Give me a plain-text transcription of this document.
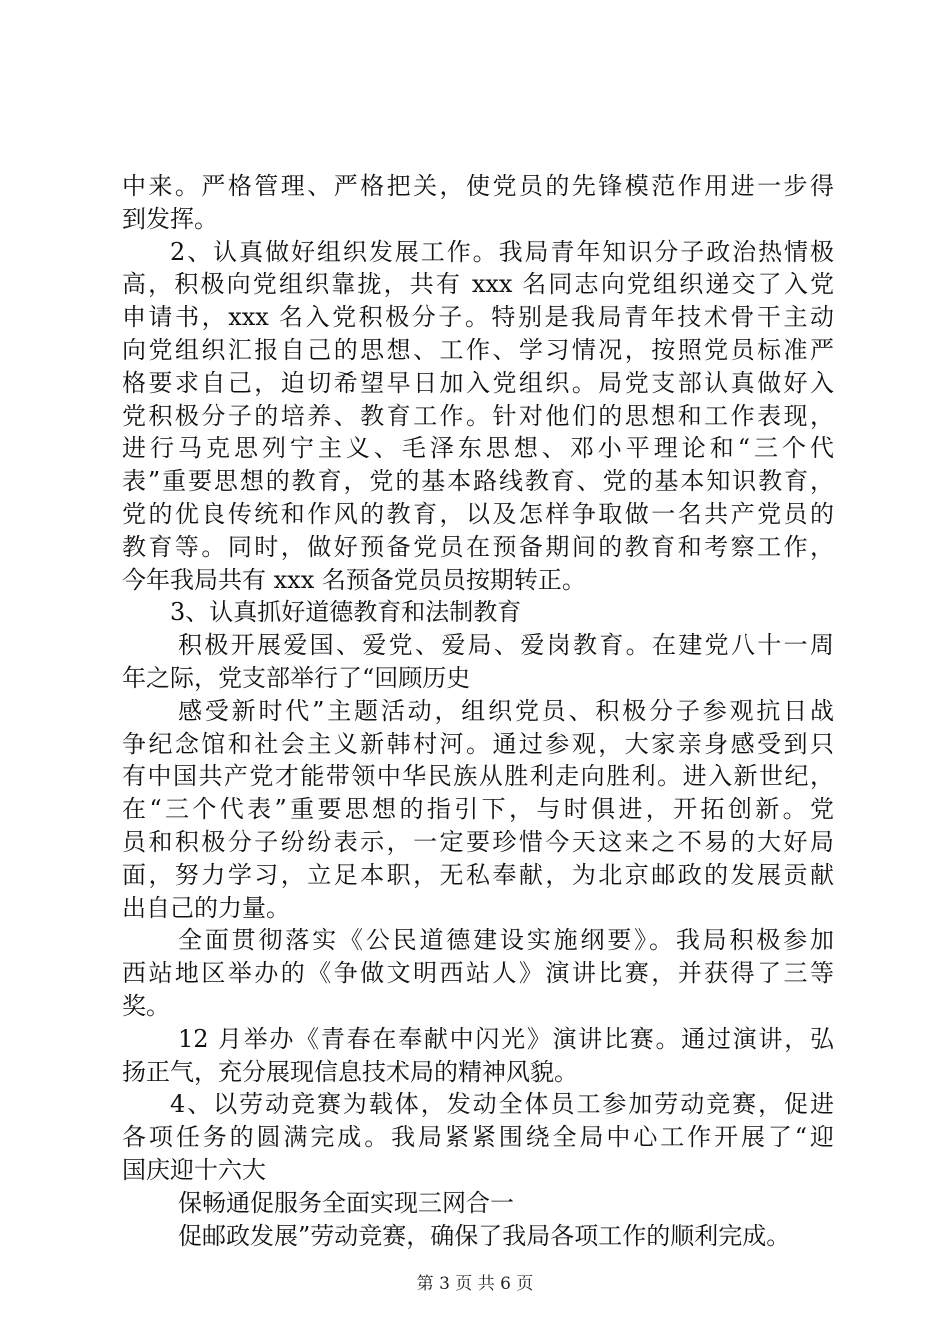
中来。严格管理、严格把关，使党员的先锋模范作用进一步得
到发挥。
2、认真做好组织发展工作。我局青年知识分子政治热情极
高，积极向党组织靠拢，共有 xxx 名同志向党组织递交了入党
申请书，xxx 名入党积极分子。特别是我局青年技术骨干主动
向党组织汇报自己的思想、工作、学习情况，按照党员标准严
格要求自己，迫切希望早日加入党组织。局党支部认真做好入
党积极分子的培养、教育工作。针对他们的思想和工作表现，
进行马克思列宁主义、毛泽东思想、邓小平理论和“三个代
表”重要思想的教育，党的基本路线教育、党的基本知识教育，
党的优良传统和作风的教育，以及怎样争取做一名共产党员的
教育等。同时，做好预备党员在预备期间的教育和考察工作，
今年我局共有 xxx 名预备党员员按期转正。
3、认真抓好道德教育和法制教育
积极开展爱国、爱党、爱局、爱岗教育。在建党八十一周
年之际，党支部举行了“回顾历史
感受新时代”主题活动，组织党员、积极分子参观抗日战
争纪念馆和社会主义新韩村河。通过参观，大家亲身感受到只
有中国共产党才能带领中华民族从胜利走向胜利。进入新世纪，
在“三个代表”重要思想的指引下，与时俱进，开拓创新。党
员和积极分子纷纷表示，一定要珍惜今天这来之不易的大好局
面，努力学习，立足本职，无私奉献，为北京邮政的发展贡献
出自己的力量。
全面贯彻落实《公民道德建设实施纲要》。我局积极参加
西站地区举办的《争做文明西站人》演讲比赛，并获得了三等
奖。
12 月举办《青春在奉献中闪光》演讲比赛。通过演讲，弘
扬正气，充分展现信息技术局的精神风貌。
4、以劳动竞赛为载体，发动全体员工参加劳动竞赛，促进
各项任务的圆满完成。我局紧紧围绕全局中心工作开展了“迎
国庆迎十六大
保畅通促服务全面实现三网合一
促邮政发展”劳动竞赛，确保了我局各项工作的顺利完成。
第 3 页 共 6 页
